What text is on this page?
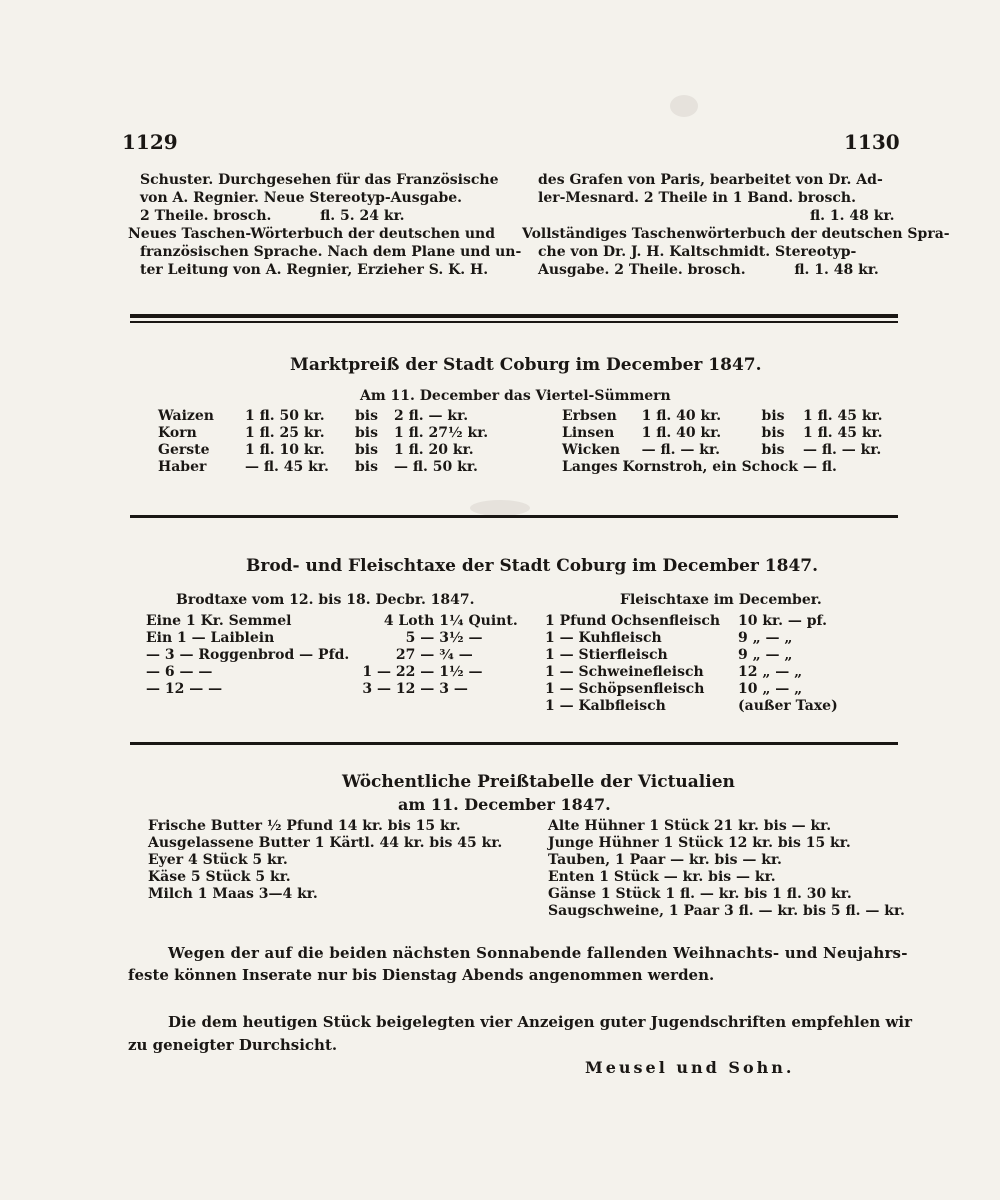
1129	1130
Schuster. Durchgesehen für das Französische
von A. Regnier. Neue Stereotyp-Ausgabe.
2 Theile. brosch.          fl. 5. 24 kr.
Neues Taschen-Wörterbuch der deutschen und
französischen Sprache. Nach dem Plane und un-
ter Leitung von A. Regnier, Erzieher S. K. H.
des Grafen von Paris, bearbeitet von Dr. Ad-
ler-Mesnard. 2 Theile in 1 Band. brosch.
fl. 1. 48 kr.
Vollständiges Taschenwörterbuch der deutschen Spra-
che von Dr. J. H. Kaltschmidt. Stereotyp-
Ausgabe. 2 Theile. brosch.          fl. 1. 48 kr.
Marktpreiß der Stadt Coburg im December 1847.
Am 11. December das Viertel-Sümmern
Waizen	1 fl. 50 kr.	bis	2 fl. — kr.
Korn	1 fl. 25 kr.	bis	1 fl. 27½ kr.
Gerste	1 fl. 10 kr.	bis	1 fl. 20 kr.
Haber	— fl. 45 kr.	bis	— fl. 50 kr.
Erbsen	1 fl. 40 kr.	bis	1 fl. 45 kr.
Linsen	1 fl. 40 kr.	bis	1 fl. 45 kr.
Wicken	— fl. — kr.	bis	— fl. — kr.
Langes Kornstroh, ein Schock			— fl.
Brod- und Fleischtaxe der Stadt Coburg im December 1847.
Brodtaxe vom 12. bis 18. Decbr. 1847.
Eine 1 Kr. Semmel	4 Loth	1¼ Quint.
Ein 1 — Laiblein	5 —	3½ —
— 3 — Roggenbrod — Pfd.	27 —	¾ —
— 6 — —	1 — 22 —	1½ —
— 12 — —	3 — 12 —	3 —
Fleischtaxe im December.
1 Pfund Ochsenfleisch	10 kr. — pf.
1 — Kuhfleisch	9 „ — „
1 — Stierfleisch	9 „ — „
1 — Schweinefleisch	12 „ — „
1 — Schöpsenfleisch	10 „ — „
1 — Kalbfleisch	(außer Taxe)
Wöchentliche Preißtabelle der Victualien
am 11. December 1847.
Frische Butter ½ Pfund 14 kr. bis 15 kr.
Ausgelassene Butter 1 Kärtl. 44 kr. bis 45 kr.
Eyer 4 Stück 5 kr.
Käse 5 Stück 5 kr.
Milch 1 Maas 3—4 kr.
Alte Hühner 1 Stück 21 kr. bis — kr.
Junge Hühner 1 Stück 12 kr. bis 15 kr.
Tauben, 1 Paar — kr. bis — kr.
Enten 1 Stück — kr. bis — kr.
Gänse 1 Stück 1 fl. — kr. bis 1 fl. 30 kr.
Saugschweine, 1 Paar 3 fl. — kr. bis 5 fl. — kr.
Wegen der auf die beiden nächsten Sonnabende fallenden Weihnachts- und Neujahrs-
feste können Inserate nur bis Dienstag Abends angenommen werden.
Die dem heutigen Stück beigelegten vier Anzeigen guter Jugendschriften empfehlen wir
zu geneigter Durchsicht.
Meusel und Sohn.
